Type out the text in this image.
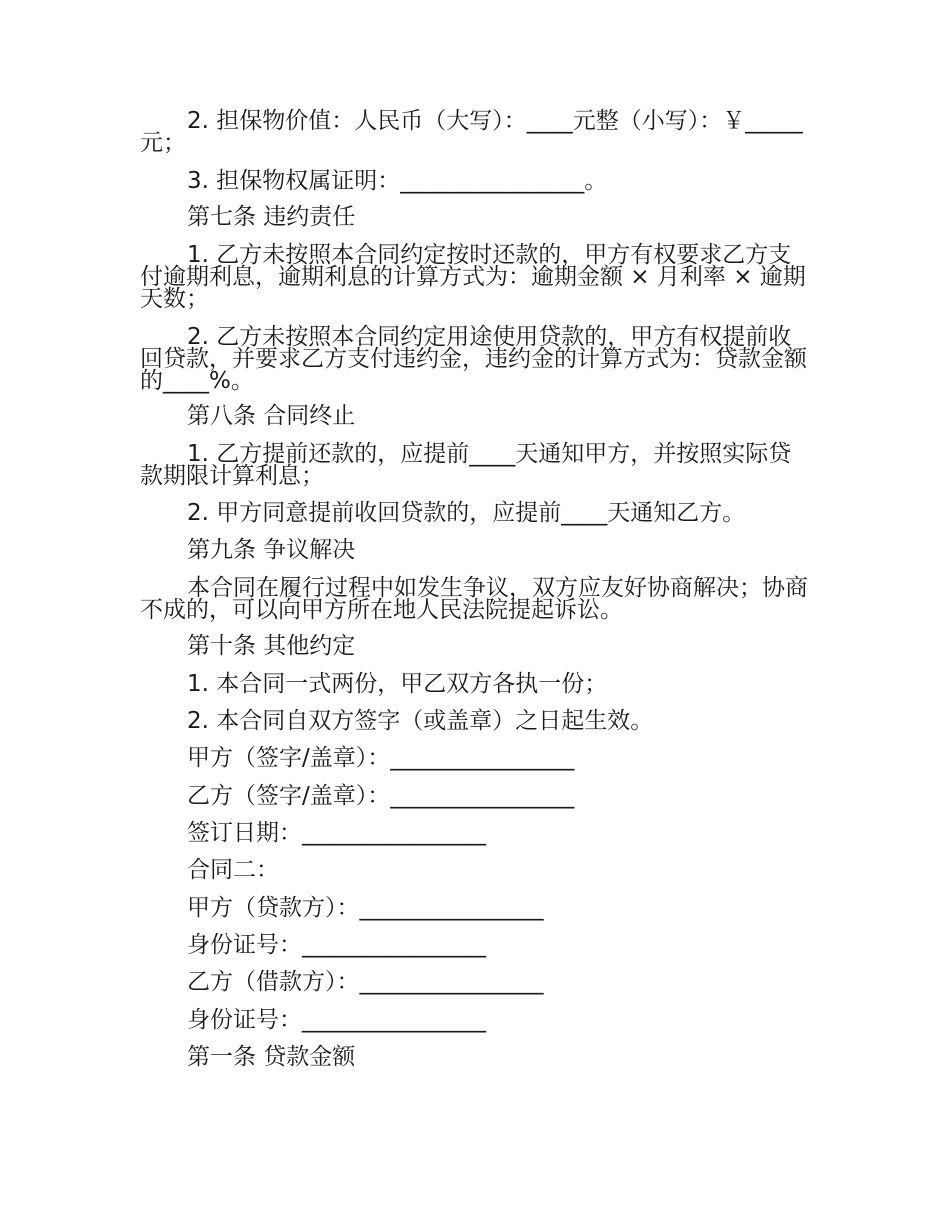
2. 担保物价值：人民币（大写）：____元整（小写）：￥_____元；

3. 担保物权属证明：________________。

第七条 违约责任

1. 乙方未按照本合同约定按时还款的，甲方有权要求乙方支付逾期利息，逾期利息的计算方式为：逾期金额 × 月利率 × 逾期天数；

2. 乙方未按照本合同约定用途使用贷款的，甲方有权提前收回贷款，并要求乙方支付违约金，违约金的计算方式为：贷款金额的____%。

第八条 合同终止

1. 乙方提前还款的，应提前____天通知甲方，并按照实际贷款期限计算利息；

2. 甲方同意提前收回贷款的，应提前____天通知乙方。

第九条 争议解决

本合同在履行过程中如发生争议，双方应友好协商解决；协商不成的，可以向甲方所在地人民法院提起诉讼。

第十条 其他约定

1. 本合同一式两份，甲乙双方各执一份；

2. 本合同自双方签字（或盖章）之日起生效。

甲方（签字/盖章）：________________

乙方（签字/盖章）：________________

签订日期：________________

合同二：

甲方（贷款方）：________________

身份证号：________________

乙方（借款方）：________________

身份证号：________________

第一条 贷款金额
